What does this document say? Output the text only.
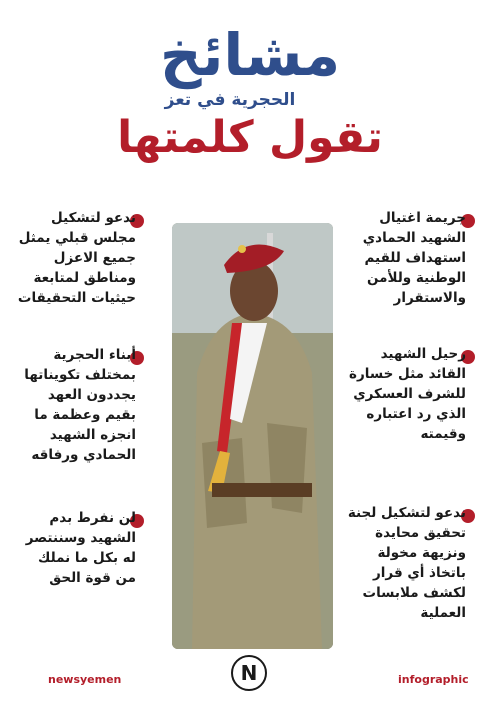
مشائخ
الحجرية في تعز
تقول كلمتها
ندعو لتشكيل
مجلس قبلي يمثل
جميع الاعزل
ومناطق لمتابعة
حيثيات التحقيقات
أبناء الحجرية
بمختلف تكويناتها
يجددون العهد
بقيم وعظمة ما
انجزه الشهيد
الحمادي ورفاقه
لن نفرط بدم
الشهيد وسننتصر
له بكل ما نملك
من قوة الحق
جريمة اغتيال
الشهيد الحمادي
استهداف للقيم
الوطنية وللأمن
والاستقرار
رحيل الشهيد
القائد مثل خسارة
للشرف العسكري
الذي رد اعتباره
وقيمته
ندعو لتشكيل لجنة
تحقيق محايدة
ونزيهة مخولة
باتخاذ أي قرار
لكشف ملابسات
العملية
newsyemen	N	infographic
